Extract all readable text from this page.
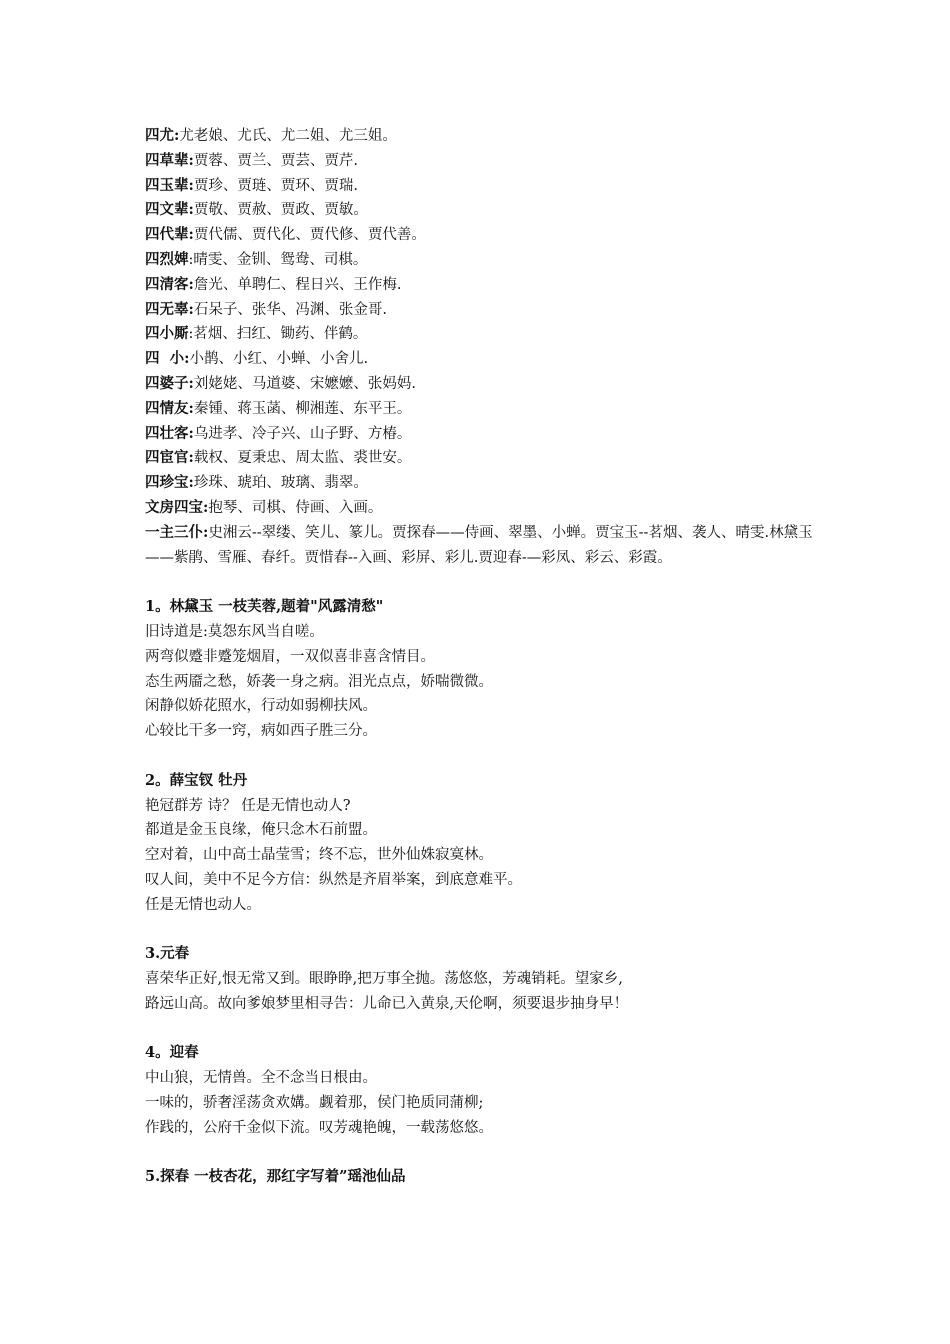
四尤:尤老娘、尤氏、尤二姐、尤三姐。
四草辈:贾蓉、贾兰、贾芸、贾芹.
四玉辈:贾珍、贾琏、贾环、贾瑞.
四文辈:贾敬、贾赦、贾政、贾敏。
四代辈:贾代儒、贾代化、贾代修、贾代善。
四烈婢:晴雯、金钏、鸳鸯、司棋。
四清客:詹光、单聘仁、程日兴、王作梅.
四无辜:石呆子、张华、冯渊、张金哥.
四小厮:茗烟、扫红、锄药、伴鹤。
四  小:小鹊、小红、小蝉、小舍儿.
四婆子:刘姥姥、马道婆、宋嬷嬷、张妈妈.
四情友:秦锺、蒋玉菡、柳湘莲、东平王。
四壮客:乌进孝、冷子兴、山子野、方椿。
四宦官:载权、夏秉忠、周太监、裘世安。
四珍宝:珍珠、琥珀、玻璃、翡翠。
文房四宝:抱琴、司棋、侍画、入画。
一主三仆:史湘云--翠缕、笑儿、篆儿。贾探春——侍画、翠墨、小蝉。贾宝玉--茗烟、袭人、晴雯.林黛玉——紫鹃、雪雁、春纤。贾惜春--入画、彩屏、彩儿.贾迎春-—彩凤、彩云、彩霞。
1。林黛玉 一枝芙蓉,题着"风露清愁"
旧诗道是:莫怨东风当自嗟。
两弯似蹙非蹙笼烟眉，一双似喜非喜含情目。
态生两靥之愁，娇袭一身之病。泪光点点，娇喘微微。
闲静似娇花照水，行动如弱柳扶风。
心较比干多一窍，病如西子胜三分。
2。薛宝钗 牡丹
艳冠群芳 诗？ 任是无情也动人?
都道是金玉良缘，俺只念木石前盟。
空对着，山中高士晶莹雪；终不忘，世外仙姝寂寞林。
叹人间，美中不足今方信：纵然是齐眉举案，到底意难平。
任是无情也动人。
3.元春
喜荣华正好,恨无常又到。眼睁睁,把万事全抛。荡悠悠，芳魂销耗。望家乡,
路远山高。故向爹娘梦里相寻告：儿命已入黄泉,天伦啊，须要退步抽身早！
4。迎春
中山狼，无情兽。全不念当日根由。
一味的，骄奢淫荡贪欢媾。觑着那，侯门艳质同蒲柳;
作践的，公府千金似下流。叹芳魂艳魄，一载荡悠悠。
5.探春 一枝杏花，那红字写着”瑶池仙品
